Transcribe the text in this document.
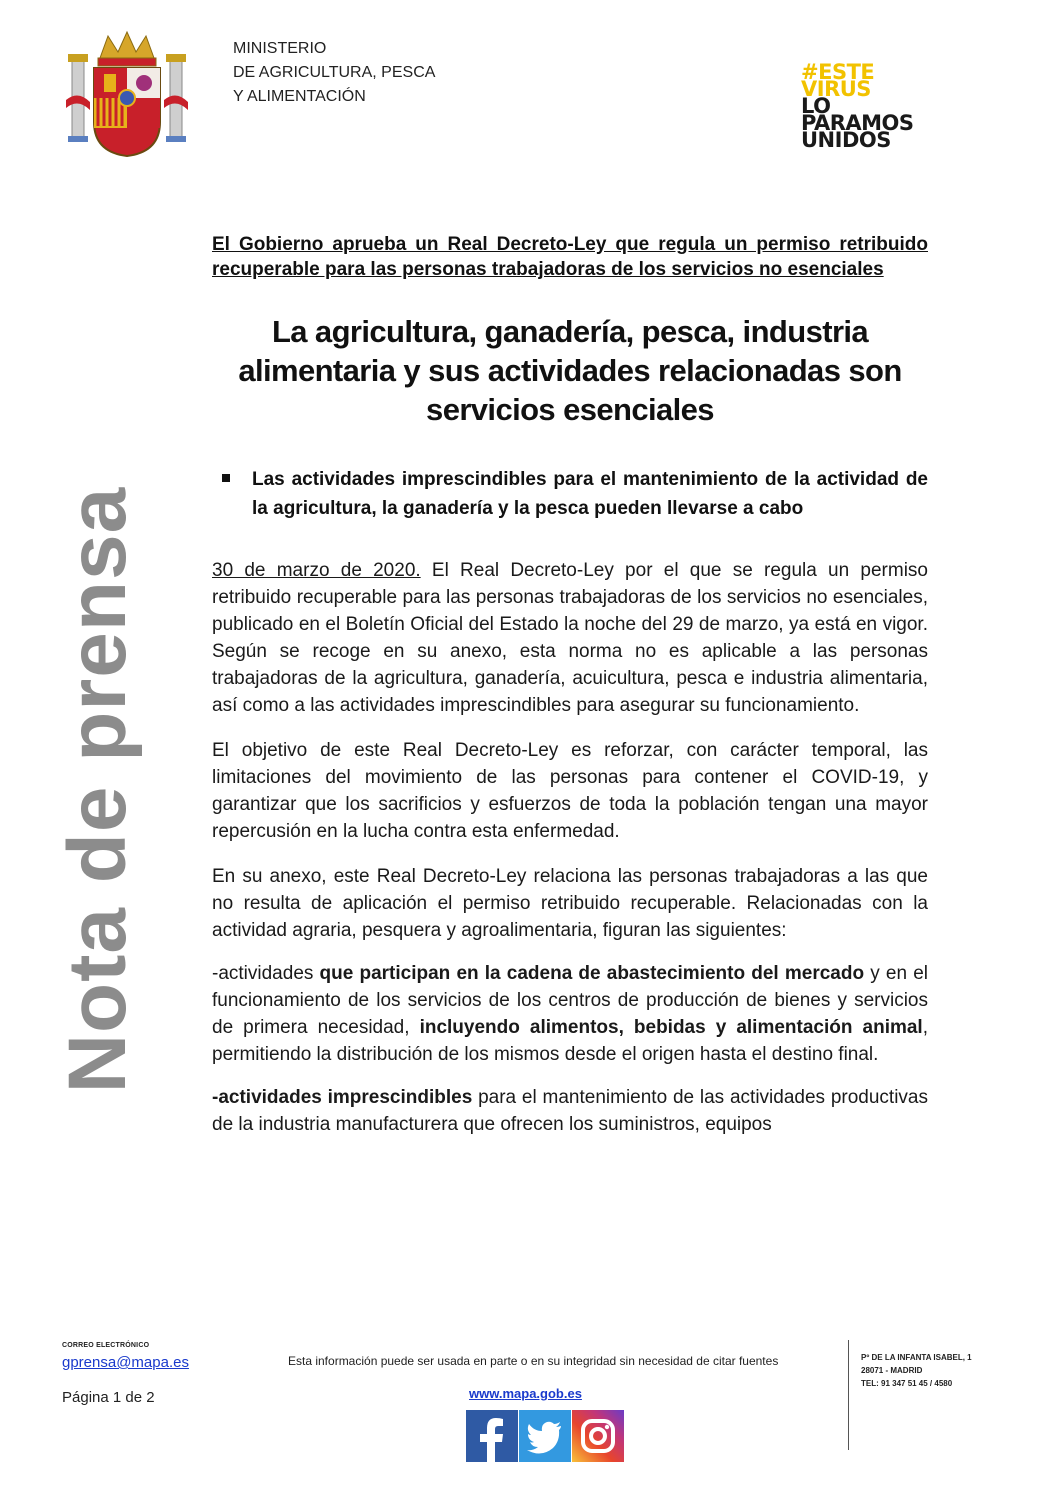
MINISTERIO
DE AGRICULTURA, PESCA
Y ALIMENTACIÓN
#ESTE
VIRUS
LO
PARAMOS
UNIDOS
Nota de prensa
El Gobierno aprueba un Real Decreto-Ley que regula un permiso retribuido recuperable para las personas trabajadoras de los servicios no esenciales
La agricultura, ganadería, pesca, industria alimentaria y sus actividades relacionadas son servicios esenciales
Las actividades imprescindibles para el mantenimiento de la actividad de la agricultura, la ganadería y la pesca pueden llevarse a cabo

30 de marzo de 2020. El Real Decreto-Ley por el que se regula un permiso retribuido recuperable para las personas trabajadoras de los servicios no esenciales, publicado en el Boletín Oficial del Estado la noche del 29 de marzo, ya está en vigor. Según se recoge en su anexo, esta norma no es aplicable a las personas trabajadoras de la agricultura, ganadería, acuicultura, pesca e industria alimentaria, así como a las actividades imprescindibles para asegurar su funcionamiento.

El objetivo de este Real Decreto-Ley es reforzar, con carácter temporal, las limitaciones del movimiento de las personas para contener el COVID-19, y garantizar que los sacrificios y esfuerzos de toda la población tengan una mayor repercusión en la lucha contra esta enfermedad.

En su anexo, este Real Decreto-Ley relaciona las personas trabajadoras a las que no resulta de aplicación el permiso retribuido recuperable. Relacionadas con la actividad agraria, pesquera y agroalimentaria, figuran las siguientes:

-actividades que participan en la cadena de abastecimiento del mercado y en el funcionamiento de los servicios de los centros de producción de bienes y servicios de primera necesidad, incluyendo alimentos, bebidas y alimentación animal, permitiendo la distribución de los mismos desde el origen hasta el destino final.

-actividades imprescindibles para el mantenimiento de las actividades productivas de la industria manufacturera que ofrecen los suministros, equipos

CORREO ELECTRÓNICO
gprensa@mapa.es
Página 1 de 2
Esta información puede ser usada en parte o en su integridad sin necesidad de citar fuentes
www.mapa.gob.es
Pº DE LA INFANTA ISABEL, 1
28071 - MADRID
TEL: 91 347 51 45 / 4580
